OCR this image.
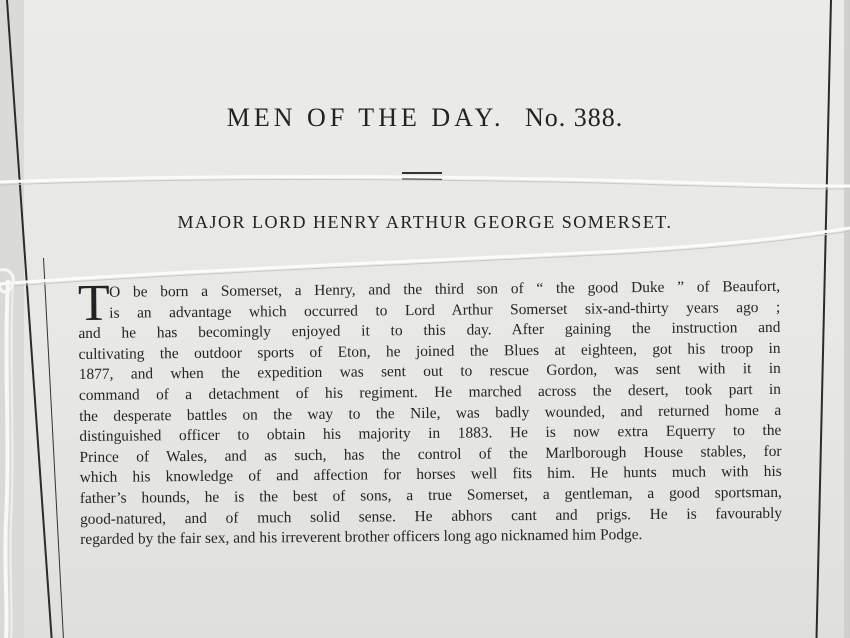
MEN OF THE DAY. No. 388.
MAJOR LORD HENRY ARTHUR GEORGE SOMERSET.
T
O be born a Somerset, a Henry, and the third son of “ the good Duke ” of Beaufort,
is an advantage which occurred to Lord Arthur Somerset six-and-thirty years ago ;
and he has becomingly enjoyed it to this day. After gaining the instruction and
cultivating the outdoor sports of Eton, he joined the Blues at eighteen, got his troop in
1877, and when the expedition was sent out to rescue Gordon, was sent with it in
command of a detachment of his regiment. He marched across the desert, took part in
the desperate battles on the way to the Nile, was badly wounded, and returned home a
distinguished officer to obtain his majority in 1883. He is now extra Equerry to the
Prince of Wales, and as such, has the control of the Marlborough House stables, for
which his knowledge of and affection for horses well fits him. He hunts much with his
father’s hounds, he is the best of sons, a true Somerset, a gentleman, a good sportsman,
good-natured, and of much solid sense. He abhors cant and prigs. He is favourably
regarded by the fair sex, and his irreverent brother officers long ago nicknamed him Podge.
